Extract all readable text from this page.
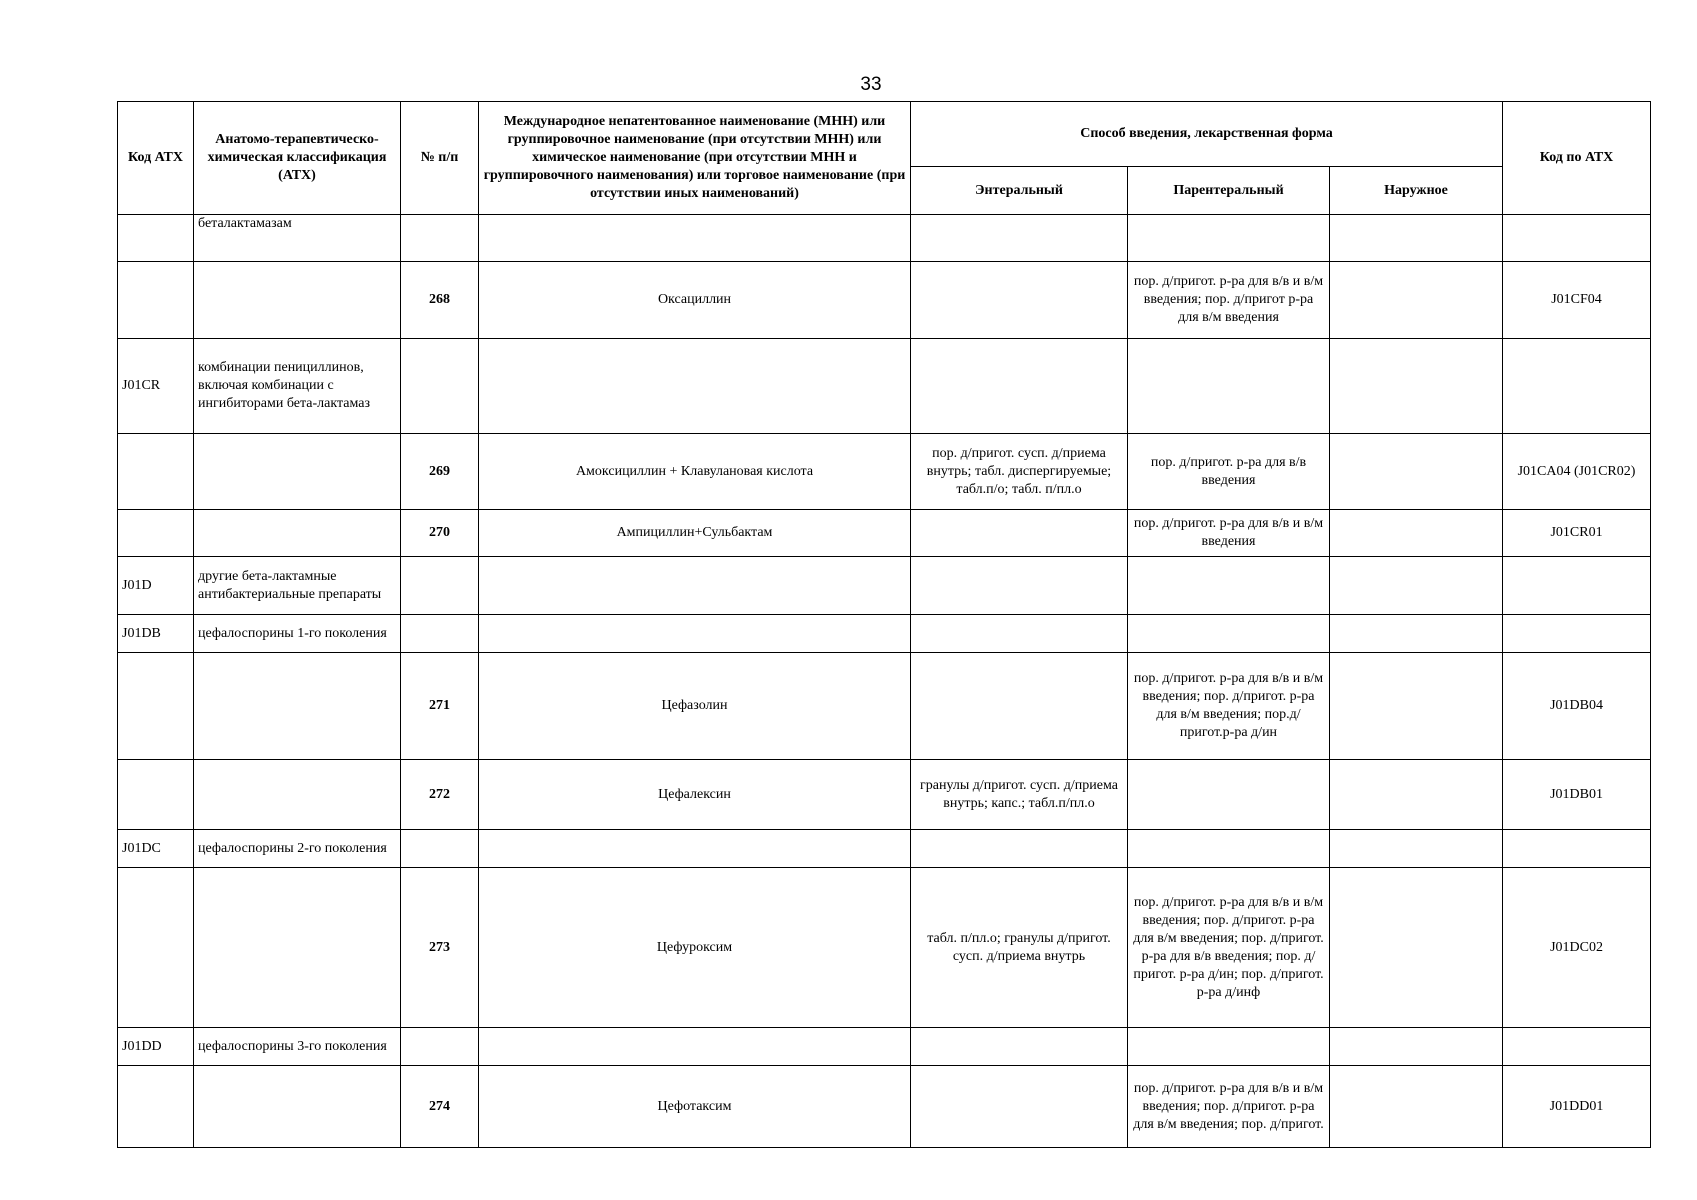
33
Код АТХ	Анатомо-терапевтическо-химическая классификация (АТХ)	№ п/п	Международное непатентованное наименование (МНН) или группировочное наименование (при отсутствии МНН) или химическое наименование (при отсутствии МНН и группировочного наименования) или торговое наименование (при отсутствии иных наименований)	Способ введения, лекарственная форма			Код по АТХ
				Энтеральный	Парентеральный	Наружное	
	беталактамазам						
		268	Оксациллин		пор. д/пригот. р-ра для в/в и в/м введения; пор. д/пригот р-ра для в/м введения		J01CF04
J01CR	комбинации пенициллинов, включая комбинации с ингибиторами бета-лактамаз						
		269	Амоксициллин + Клавулановая кислота	пор. д/пригот. сусп. д/приема внутрь; табл. диспергируемые; табл.п/о; табл. п/пл.о	пор. д/пригот. р-ра для в/в введения		J01CA04 (J01CR02)
		270	Ампициллин+Сульбактам		пор. д/пригот. р-ра для в/в и в/м введения		J01CR01
J01D	другие бета-лактамные антибактериальные препараты						
J01DB	цефалоспорины 1-го поколения						
		271	Цефазолин		пор. д/пригот. р-ра для в/в и в/м введения; пор. д/пригот. р-ра для в/м введения; пор.д/пригот.р-ра д/ин		J01DB04
		272	Цефалексин	гранулы д/пригот. сусп. д/приема внутрь; капс.; табл.п/пл.о			J01DB01
J01DC	цефалоспорины 2-го поколения						
		273	Цефуроксим	табл. п/пл.о; гранулы д/пригот. сусп. д/приема внутрь	пор. д/пригот. р-ра для в/в и в/м введения; пор. д/пригот. р-ра для в/м введения; пор. д/пригот. р-ра для в/в введения; пор. д/пригот. р-ра д/ин; пор. д/пригот. р-ра д/инф		J01DC02
J01DD	цефалоспорины 3-го поколения						
		274	Цефотаксим		пор. д/пригот. р-ра для в/в и в/м введения; пор. д/пригот. р-ра для в/м введения; пор. д/пригот.		J01DD01
